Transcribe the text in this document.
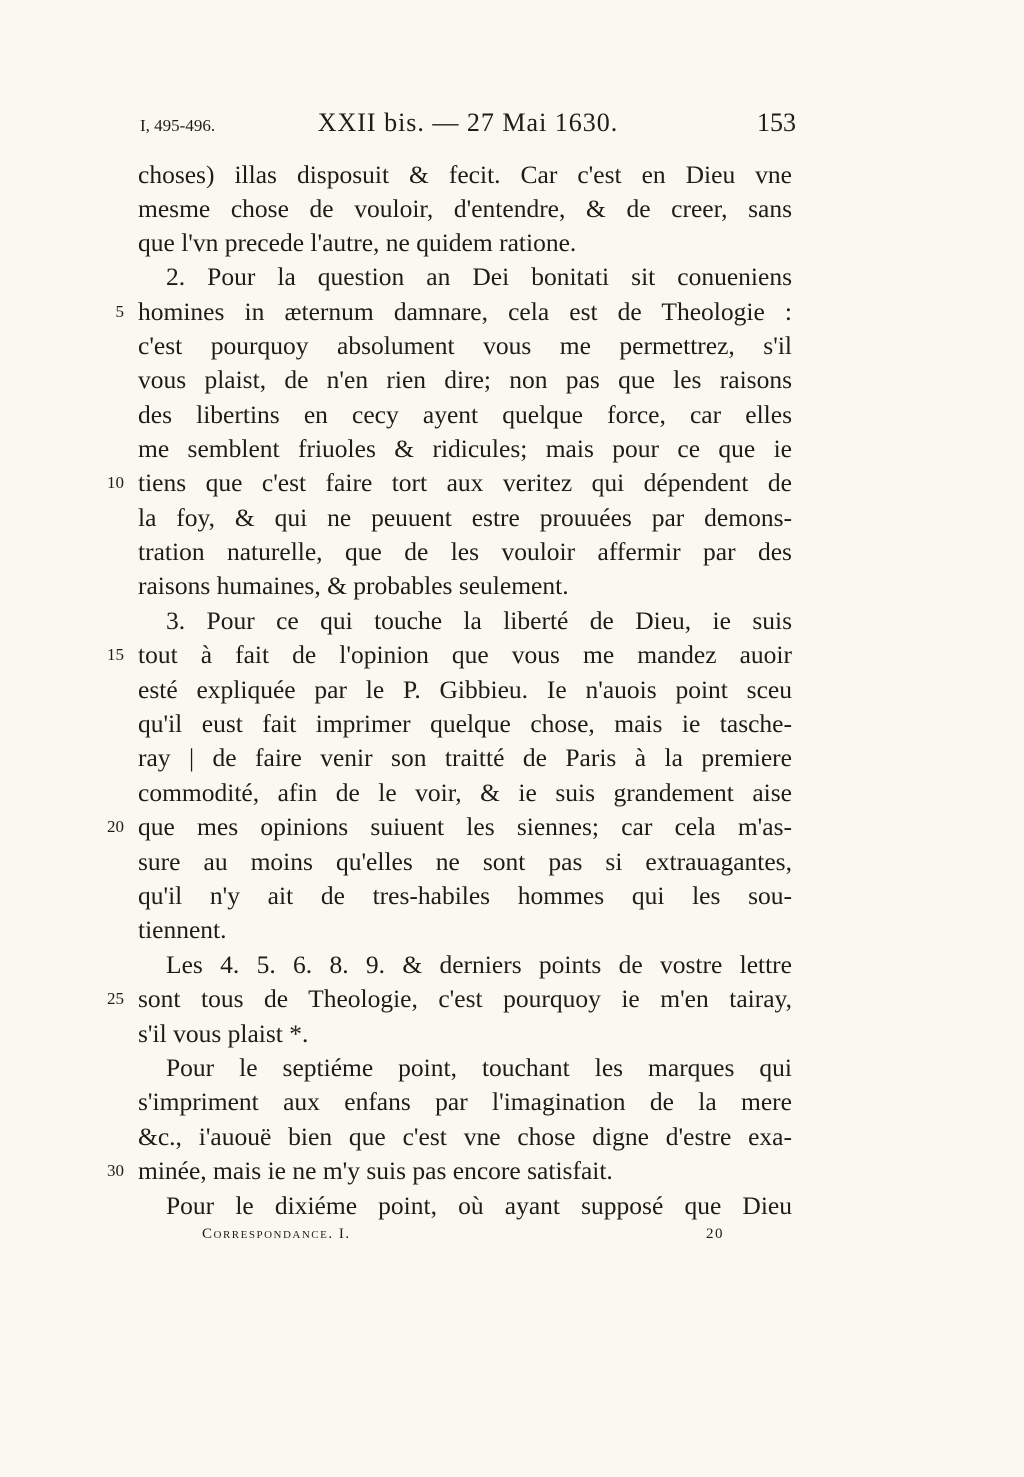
I, 495-496.	XXII bis. — 27 Mai 1630.	153
choses) illas disposuit & fecit. Car c'est en Dieu vne
mesme chose de vouloir, d'entendre, & de creer, sans
que l'vn precede l'autre, ne quidem ratione.
2. Pour la question an Dei bonitati sit conueniens
homines in æternum damnare, cela est de Theologie :
c'est pourquoy absolument vous me permettrez, s'il
vous plaist, de n'en rien dire; non pas que les raisons
des libertins en cecy ayent quelque force, car elles
me semblent friuoles & ridicules; mais pour ce que ie
tiens que c'est faire tort aux veritez qui dépendent de
la foy, & qui ne peuuent estre prouuées par demons-
tration naturelle, que de les vouloir affermir par des
raisons humaines, & probables seulement.
3. Pour ce qui touche la liberté de Dieu, ie suis
tout à fait de l'opinion que vous me mandez auoir
esté expliquée par le P. Gibbieu. Ie n'auois point sceu
qu'il eust fait imprimer quelque chose, mais ie tasche-
ray | de faire venir son traitté de Paris à la premiere
commodité, afin de le voir, & ie suis grandement aise
que mes opinions suiuent les siennes; car cela m'as-
sure au moins qu'elles ne sont pas si extrauagantes,
qu'il n'y ait de tres-habiles hommes qui les sou-
tiennent.
Les 4. 5. 6. 8. 9. & derniers points de vostre lettre
sont tous de Theologie, c'est pourquoy ie m'en tairay,
s'il vous plaist *.
Pour le septiéme point, touchant les marques qui
s'impriment aux enfans par l'imagination de la mere
&c., i'auouë bien que c'est vne chose digne d'estre exa-
minée, mais ie ne m'y suis pas encore satisfait.
Pour le dixiéme point, où ayant supposé que Dieu
5
10
15
20
25
30
Correspondance. I.	20
